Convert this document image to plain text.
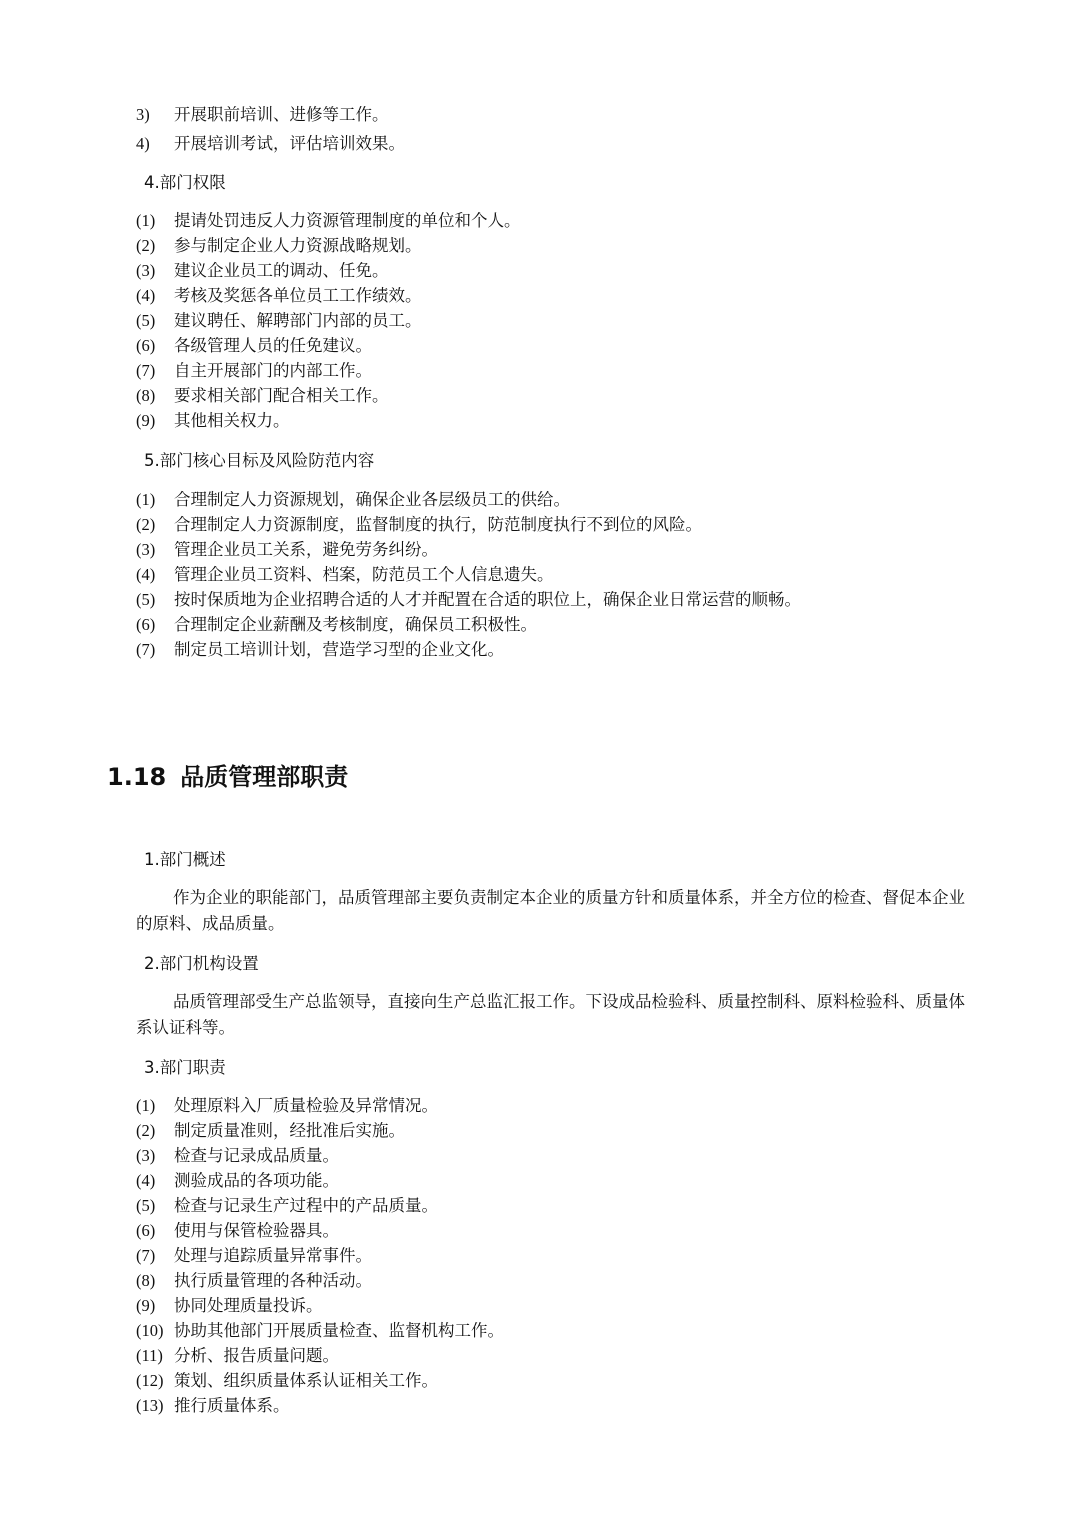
3) 开展职前培训、进修等工作。
4) 开展培训考试，评估培训效果。
4.部门权限
(1) 提请处罚违反人力资源管理制度的单位和个人。
(2) 参与制定企业人力资源战略规划。
(3) 建议企业员工的调动、任免。
(4) 考核及奖惩各单位员工工作绩效。
(5) 建议聘任、解聘部门内部的员工。
(6) 各级管理人员的任免建议。
(7) 自主开展部门的内部工作。
(8) 要求相关部门配合相关工作。
(9) 其他相关权力。
5.部门核心目标及风险防范内容
(1) 合理制定人力资源规划，确保企业各层级员工的供给。
(2) 合理制定人力资源制度，监督制度的执行，防范制度执行不到位的风险。
(3) 管理企业员工关系，避免劳务纠纷。
(4) 管理企业员工资料、档案，防范员工个人信息遗失。
(5) 按时保质地为企业招聘合适的人才并配置在合适的职位上，确保企业日常运营的顺畅。
(6) 合理制定企业薪酬及考核制度，确保员工积极性。
(7) 制定员工培训计划，营造学习型的企业文化。
1.18 品质管理部职责
1.部门概述

作为企业的职能部门，品质管理部主要负责制定本企业的质量方针和质量体系，并全方位的检查、督促本企业的原料、成品质量。

2.部门机构设置

品质管理部受生产总监领导，直接向生产总监汇报工作。下设成品检验科、质量控制科、原料检验科、质量体系认证科等。

3.部门职责
(1) 处理原料入厂质量检验及异常情况。
(2) 制定质量准则，经批准后实施。
(3) 检查与记录成品质量。
(4) 测验成品的各项功能。
(5) 检查与记录生产过程中的产品质量。
(6) 使用与保管检验器具。
(7) 处理与追踪质量异常事件。
(8) 执行质量管理的各种活动。
(9) 协同处理质量投诉。
(10) 协助其他部门开展质量检查、监督机构工作。
(11) 分析、报告质量问题。
(12) 策划、组织质量体系认证相关工作。
(13) 推行质量体系。
